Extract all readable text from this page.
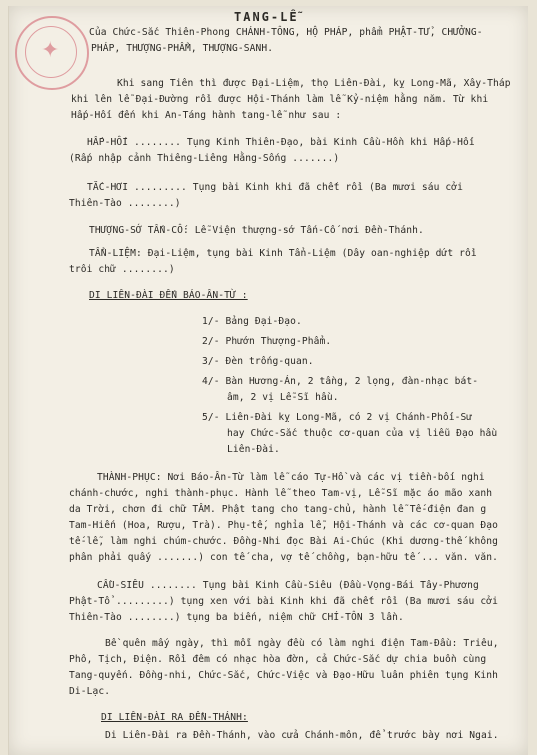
✦
TANG-LỄ
Của Chức-Sắc Thiên-Phong CHÁNH-TÔNG, HỘ PHÁP, phẩm PHẬT-TỬ, CHƯỞNG-
PHÁP, THƯỢNG-PHẨM, THƯỢNG-SANH.
Khi sang Tiên thì được Đại-Liệm, thọ Liên-Đài, kỵ Long-Mã, Xây-Tháp
khi lên lễ Đại-Đường rồi được Hội-Thánh làm lễ Kỷ-niệm hằng năm. Từ khi
Hấp-Hối đến khi An-Táng hành tang-lễ như sau :
HẤP-HỐI ........ Tụng Kinh Thiên-Đạo, bài Kinh Cầu-Hồn khi Hấp-Hối
(Rấp nhập cảnh Thiêng-Liêng Hằng-Sống .......)
TẮC-HƠI ......... Tụng bài Kinh khi đã chết rồi (Ba mươi sáu cởi
Thiên-Tào ........)
THƯỢNG-SỚ TẤN-CỐ: Lễ-Viện thượng-sớ Tấn-Cố nơi Đền-Thánh.
TẨN-LIỆM: Đại-Liệm, tụng bài Kinh Tẩn-Liệm (Dây oan-nghiệp dứt rồi
trôi chữ ........)
DI LIÊN-ĐÀI ĐẾN BÁO-ÂN-TỪ :
1/- Bảng Đại-Đạo.
2/- Phướn Thượng-Phẩm.
3/- Đèn trống-quan.
4/- Bàn Hương-Án, 2 tầng, 2 lọng, đàn-nhạc bát-
âm, 2 vị Lễ-Sĩ hầu.
5/- Liên-Đài kỵ Long-Mã, có 2 vị Chánh-Phối-Sư
hay Chức-Sắc thuộc cơ-quan của vị liễu Đạo hầu
Liên-Đài.
THÀNH-PHỤC: Nơi Báo-Ân-Từ làm lễ cáo Tự-Hồ và các vị tiền-bối nghi
chánh-chước, nghi thành-phục. Hành lễ theo Tam-vị, Lễ-Sĩ mặc áo mão xanh
da Trời, chơn đi chữ TÂM. Phật tang cho tang-chủ, hành lễ Tế-điện đan g
Tam-Hiến (Hoa, Rượu, Trà). Phụ-tế, nghỉa lễ, Hội-Thánh và các cơ-quan Đạo
tế-lễ, làm nghi chúm-chước. Đồng-Nhi đọc Bài Ai-Chúc (Khi dương-thế không
phân phải quấy .......) con tế cha, vợ tế chồng, bạn-hữu tế ... văn. văn.
CẦU-SIÊU ........ Tụng bài Kinh Cầu-Siêu (Đầu-Vọng-Bái Tây-Phương
Phật-Tổ .........) tụng xen với bài Kinh khi đã chết rồi (Ba mươi sáu cởi
Thiên-Tào ........) tụng ba biến, niệm chữ CHÍ-TÔN 3 lần.
Bề quên mấy ngày, thì mỗi ngày đều có làm nghi điện Tam-Đầu: Triêu,
Phô, Tịch, Điện. Rồi đêm có nhạc hòa đờn, cả Chức-Sắc dự chia buồn cùng
Tang-quyến. Đồng-nhi, Chức-Sắc, Chức-Việc và Đạo-Hữu luân phiên tụng Kinh
Di-Lạc.
DI LIÊN-ĐÀI RA ĐỀN-THÁNH:
Di Liên-Đài ra Đền-Thánh, vào cửa Chánh-môn, để trước bày nơi Ngai.
